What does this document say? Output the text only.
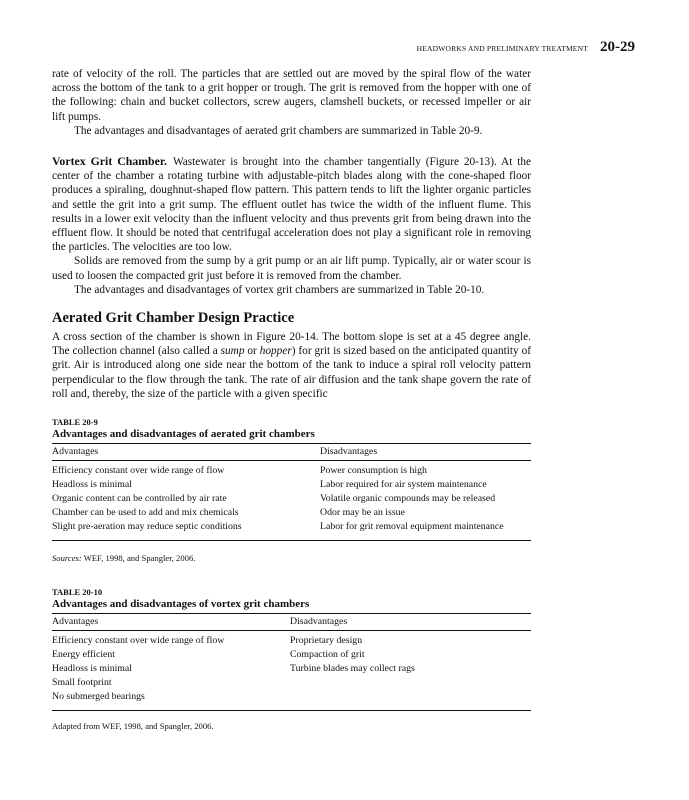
HEADWORKS AND PRELIMINARY TREATMENT 20-29

rate of velocity of the roll. The particles that are settled out are moved by the spiral flow of the water across the bottom of the tank to a grit hopper or trough. The grit is removed from the hopper with one of the following: chain and bucket collectors, screw augers, clamshell buckets, or recessed impeller or air lift pumps.

The advantages and disadvantages of aerated grit chambers are summarized in Table 20-9.

Vortex Grit Chamber. Wastewater is brought into the chamber tangentially (Figure 20-13). At the center of the chamber a rotating turbine with adjustable-pitch blades along with the cone-shaped floor produces a spiraling, doughnut-shaped flow pattern. This pattern tends to lift the lighter organic particles and settle the grit into a grit sump. The effluent outlet has twice the width of the influent flume. This results in a lower exit velocity than the influent velocity and thus prevents grit from being drawn into the effluent flow. It should be noted that centrifugal acceleration does not play a significant role in removing the particles. The velocities are too low.

Solids are removed from the sump by a grit pump or an air lift pump. Typically, air or water scour is used to loosen the compacted grit just before it is removed from the chamber.

The advantages and disadvantages of vortex grit chambers are summarized in Table 20-10.

Aerated Grit Chamber Design Practice

A cross section of the chamber is shown in Figure 20-14. The bottom slope is set at a 45 degree angle. The collection channel (also called a sump or hopper) for grit is sized based on the anticipated quantity of grit. Air is introduced along one side near the bottom of the tank to induce a spiral roll velocity pattern perpendicular to the flow through the tank. The rate of air diffusion and the tank shape govern the rate of roll and, thereby, the size of the particle with a given specific

TABLE 20-9
Advantages and disadvantages of aerated grit chambers
Advantages	Disadvantages

Efficiency constant over wide range of flow	Power consumption is high
Headloss is minimal	Labor required for air system maintenance
Organic content can be controlled by air rate	Volatile organic compounds may be released
Chamber can be used to add and mix chemicals	Odor may be an issue
Slight pre-aeration may reduce septic conditions	Labor for grit removal equipment maintenance

Sources: WEF, 1998, and Spangler, 2006.
TABLE 20-10
Advantages and disadvantages of vortex grit chambers
Advantages	Disadvantages

Efficiency constant over wide range of flow	Proprietary design
Energy efficient	Compaction of grit
Headloss is minimal	Turbine blades may collect rags
Small footprint	
No submerged bearings	

Adapted from WEF, 1998, and Spangler, 2006.
